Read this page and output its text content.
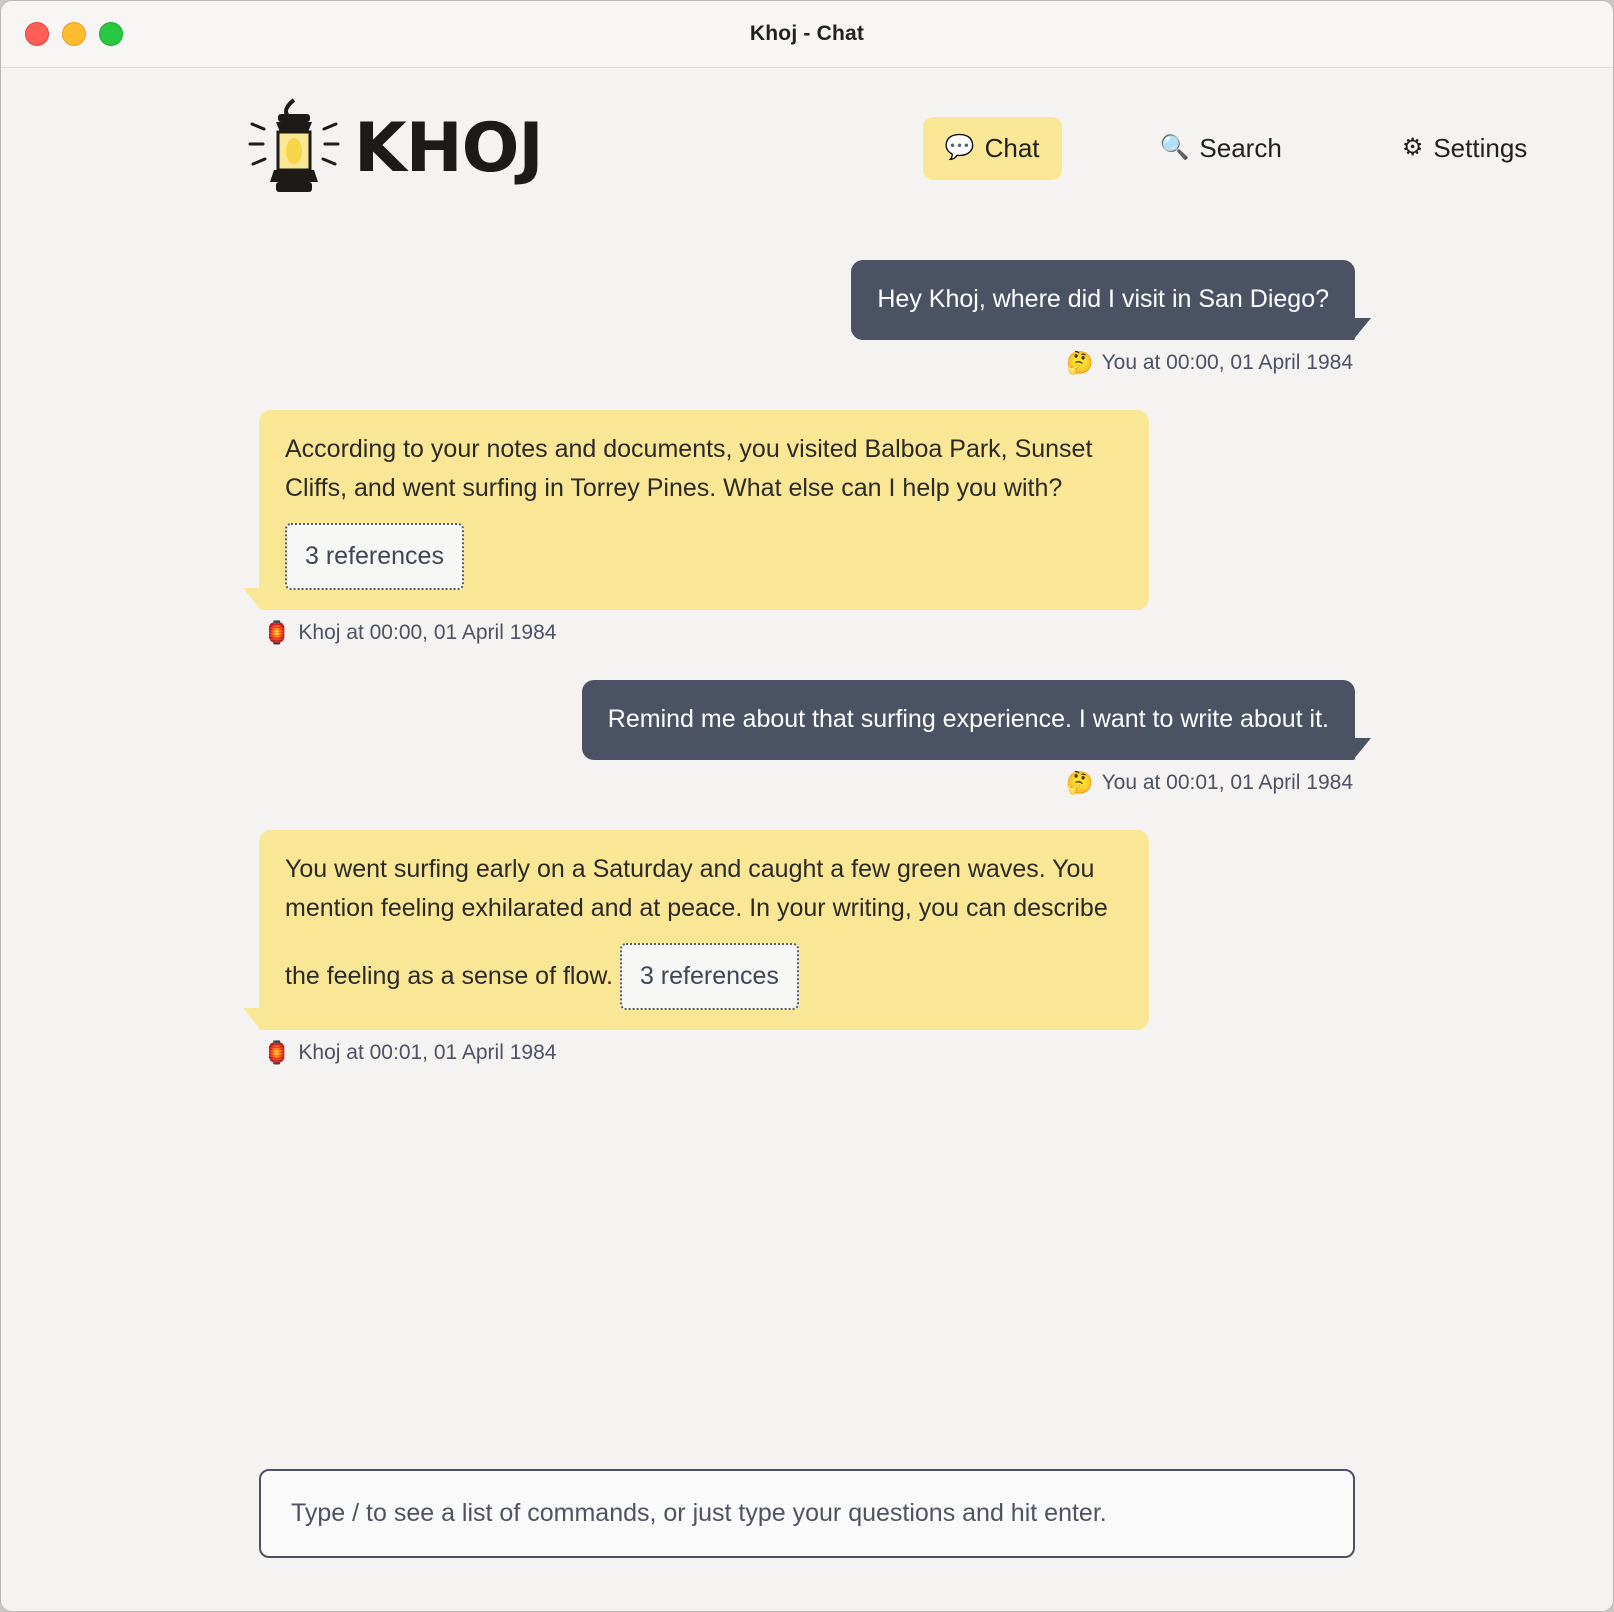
Khoj - Chat
KHOJ	💬 Chat	🔍 Search	⚙ Settings
Hey Khoj, where did I visit in San Diego?
🤔 You at 00:00, 01 April 1984
According to your notes and documents, you visited Balboa Park, Sunset Cliffs, and went surfing in Torrey Pines. What else can I help you with? 3 references
🏮 Khoj at 00:00, 01 April 1984
Remind me about that surfing experience. I want to write about it.
🤔 You at 00:01, 01 April 1984
You went surfing early on a Saturday and caught a few green waves. You mention feeling exhilarated and at peace. In your writing, you can describe the feeling as a sense of flow. 3 references
🏮 Khoj at 00:01, 01 April 1984
Type / to see a list of commands, or just type your questions and hit enter.
